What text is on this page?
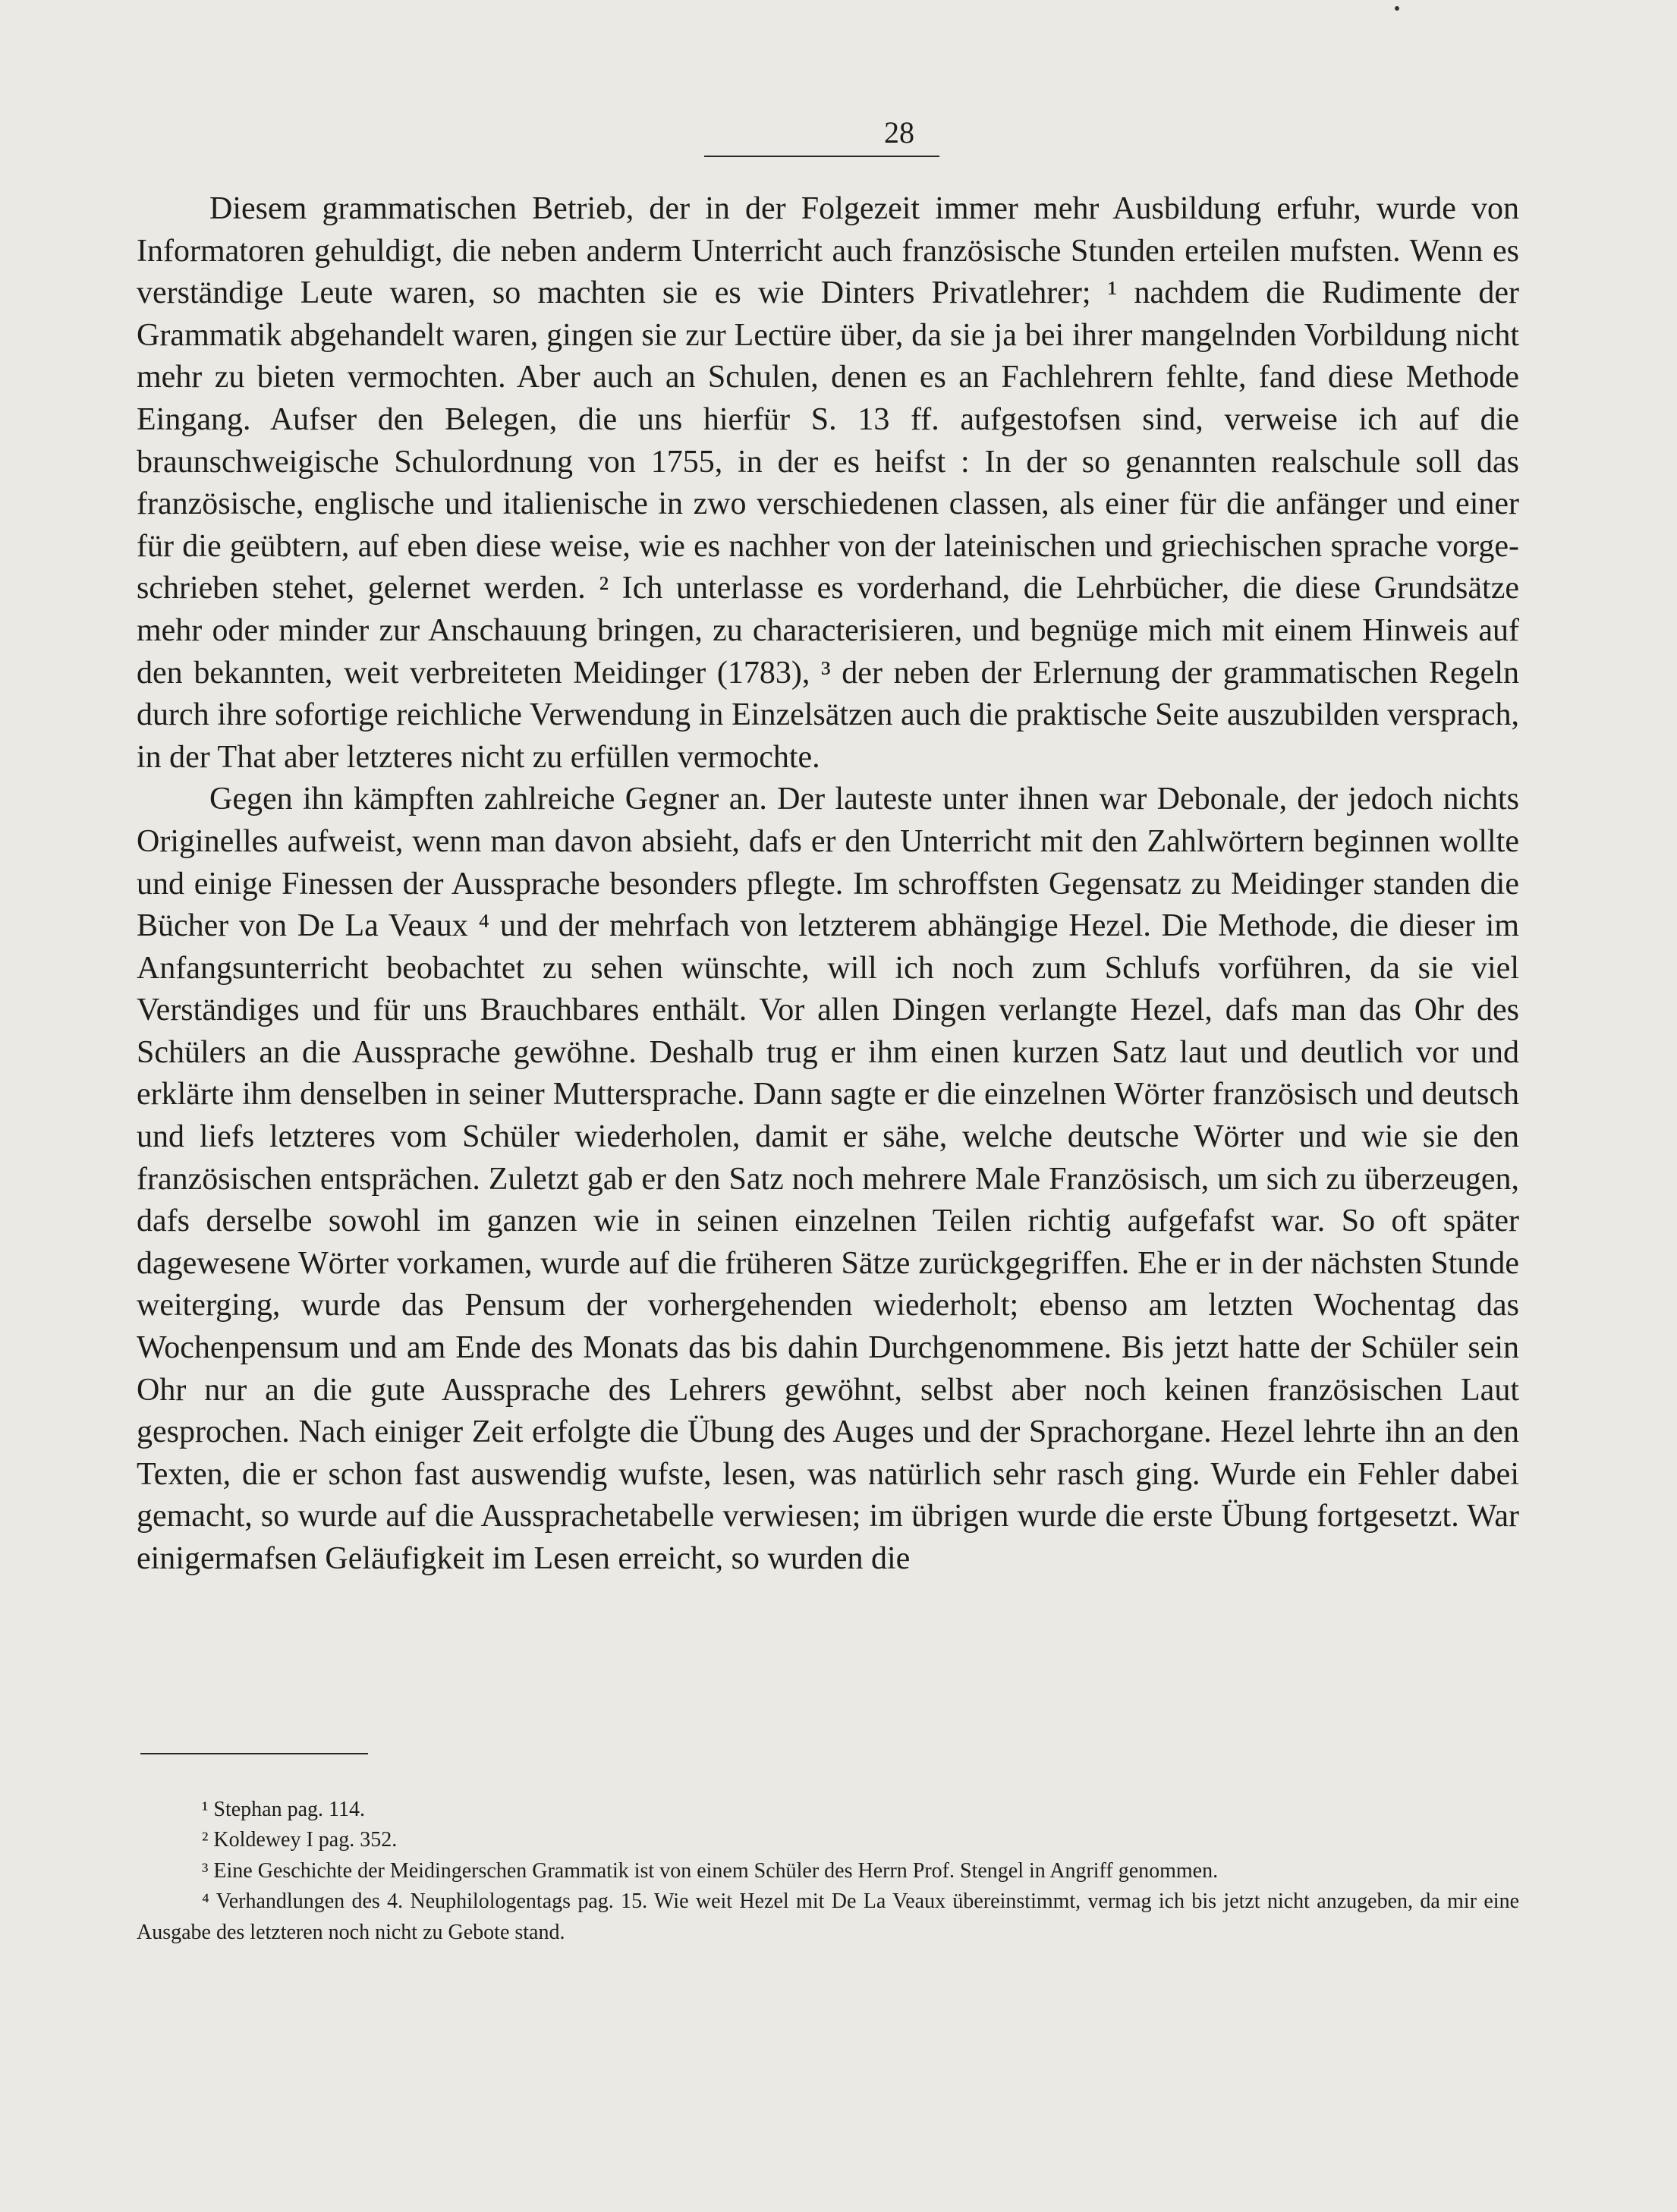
28

Diesem grammatischen Betrieb, der in der Folgezeit immer mehr Ausbildung erfuhr, wurde von Informatoren gehuldigt, die neben anderm Unterricht auch französische Stunden erteilen mufsten. Wenn es verständige Leute waren, so machten sie es wie Dinters Privatlehrer; ¹ nachdem die Rudimente der Grammatik abgehandelt waren, gingen sie zur Lectüre über, da sie ja bei ihrer mangelnden Vorbildung nicht mehr zu bieten vermochten. Aber auch an Schulen, denen es an Fachlehrern fehlte, fand diese Methode Eingang. Aufser den Belegen, die uns hierfür S. 13 ff. aufgestofsen sind, verweise ich auf die braunschweigische Schulordnung von 1755, in der es heifst : In der so genannten realschule soll das französische, englische und italienische in zwo verschiedenen classen, als einer für die anfänger und einer für die geübtern, auf eben diese weise, wie es nachher von der lateinischen und griechischen sprache vorgeschrieben stehet, gelernet werden. ² Ich unterlasse es vorderhand, die Lehrbücher, die diese Grundsätze mehr oder minder zur Anschauung bringen, zu characterisieren, und begnüge mich mit einem Hinweis auf den bekannten, weit verbreiteten Meidinger (1783), ³ der neben der Erlernung der grammatischen Regeln durch ihre sofortige reichliche Verwendung in Einzelsätzen auch die praktische Seite auszubilden versprach, in der That aber letzteres nicht zu erfüllen vermochte.

Gegen ihn kämpften zahlreiche Gegner an. Der lauteste unter ihnen war Debonale, der jedoch nichts Originelles aufweist, wenn man davon absieht, dafs er den Unterricht mit den Zahlwörtern beginnen wollte und einige Finessen der Aussprache besonders pflegte. Im schroffsten Gegensatz zu Meidinger standen die Bücher von De La Veaux ⁴ und der mehrfach von letzterem abhängige Hezel. Die Methode, die dieser im Anfangsunterricht beobachtet zu sehen wünschte, will ich noch zum Schlufs vorführen, da sie viel Verständiges und für uns Brauchbares enthält. Vor allen Dingen verlangte Hezel, dafs man das Ohr des Schülers an die Aussprache gewöhne. Deshalb trug er ihm einen kurzen Satz laut und deutlich vor und erklärte ihm denselben in seiner Muttersprache. Dann sagte er die einzelnen Wörter französisch und deutsch und liefs letzteres vom Schüler wiederholen, damit er sähe, welche deutsche Wörter und wie sie den französischen entsprächen. Zuletzt gab er den Satz noch mehrere Male Französisch, um sich zu überzeugen, dafs derselbe sowohl im ganzen wie in seinen einzelnen Teilen richtig aufgefafst war. So oft später dagewesene Wörter vorkamen, wurde auf die früheren Sätze zurückgegriffen. Ehe er in der nächsten Stunde weiterging, wurde das Pensum der vorhergehenden wiederholt; ebenso am letzten Wochentag das Wochenpensum und am Ende des Monats das bis dahin Durchgenommene. Bis jetzt hatte der Schüler sein Ohr nur an die gute Aussprache des Lehrers gewöhnt, selbst aber noch keinen französischen Laut gesprochen. Nach einiger Zeit erfolgte die Übung des Auges und der Sprachorgane. Hezel lehrte ihn an den Texten, die er schon fast auswendig wufste, lesen, was natürlich sehr rasch ging. Wurde ein Fehler dabei gemacht, so wurde auf die Aussprachetabelle verwiesen; im übrigen wurde die erste Übung fortgesetzt. War einigermafsen Geläufigkeit im Lesen erreicht, so wurden die

¹ Stephan pag. 114.

² Koldewey I pag. 352.

³ Eine Geschichte der Meidingerschen Grammatik ist von einem Schüler des Herrn Prof. Stengel in Angriff genommen.

⁴ Verhandlungen des 4. Neuphilologentags pag. 15. Wie weit Hezel mit De La Veaux übereinstimmt, vermag ich bis jetzt nicht anzugeben, da mir eine Ausgabe des letzteren noch nicht zu Gebote stand.
